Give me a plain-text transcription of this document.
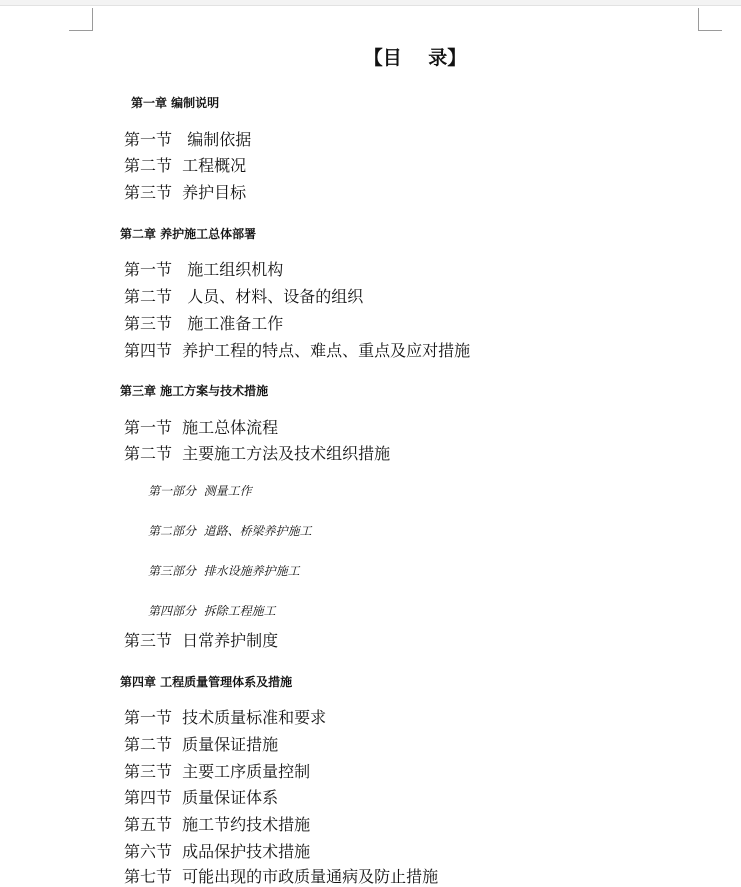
【目    录】
第一章 编制说明
第一节   编制依据
第二节  工程概况
第三节  养护目标
第二章 养护施工总体部署
第一节   施工组织机构
第二节   人员、材料、设备的组织
第三节   施工准备工作
第四节  养护工程的特点、难点、重点及应对措施
第三章 施工方案与技术措施
第一节  施工总体流程
第二节  主要施工方法及技术组织措施
第一部分  测量工作
第二部分  道路、桥梁养护施工
第三部分  排水设施养护施工
第四部分  拆除工程施工
第三节  日常养护制度
第四章 工程质量管理体系及措施
第一节  技术质量标准和要求
第二节  质量保证措施
第三节  主要工序质量控制
第四节  质量保证体系
第五节  施工节约技术措施
第六节  成品保护技术措施
第七节  可能出现的市政质量通病及防止措施
